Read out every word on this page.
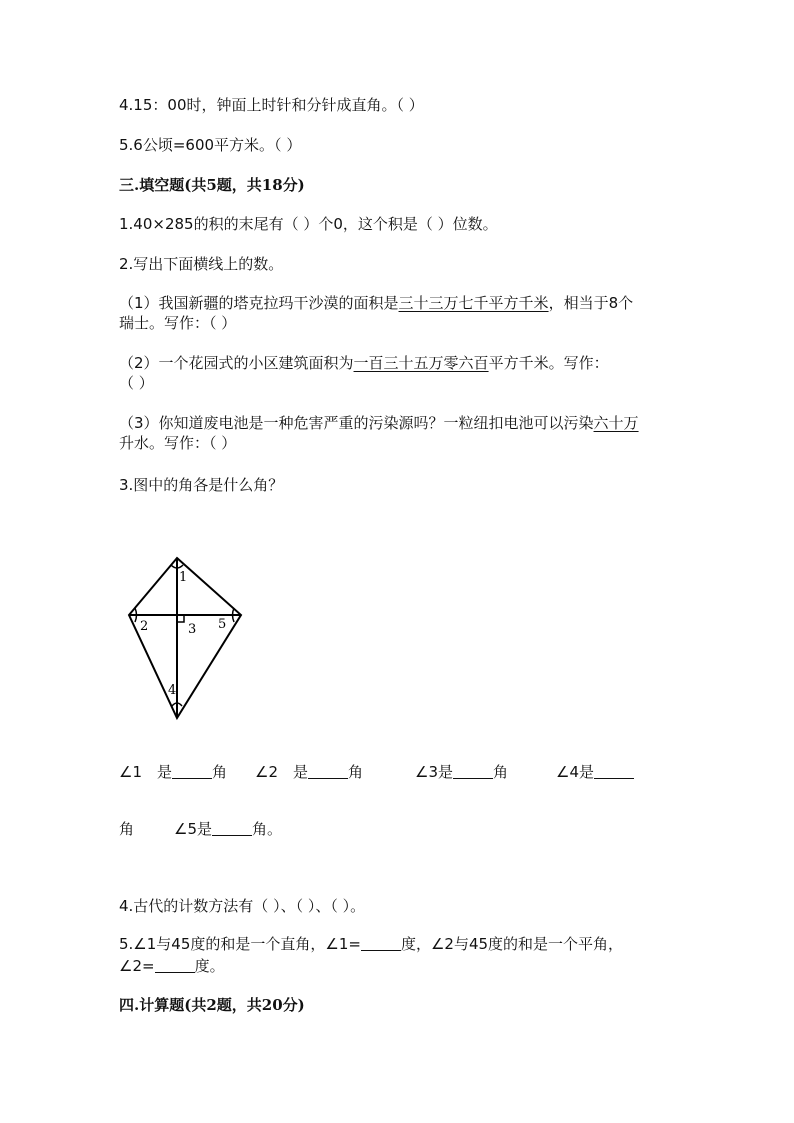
4.15：00时，钟面上时针和分针成直角。（ ）
5.6公顷=600平方米。（ ）
三.填空题(共5题，共18分)
1.40×285的积的末尾有（ ）个0，这个积是（ ）位数。
2.写出下面横线上的数。
（1）我国新疆的塔克拉玛干沙漠的面积是三十三万七千平方千米，相当于8个
瑞士。写作：（ ）
（2）一个花园式的小区建筑面积为一百三十五万零六百平方千米。写作：
（ ）
（3）你知道废电池是一种危害严重的污染源吗？一粒纽扣电池可以污染六十万
升水。写作：（ ）
3.图中的角各是什么角？
1
2	3
4
5
∠1　是	角 ∠2　是	角	∠3是	角	∠4是
角	∠5是	角。
4.古代的计数方法有（ ）、（ ）、（ ）。
5.∠1与45度的和是一个直角，∠1=	度，∠2与45度的和是一个平角，
∠2=	度。
四.计算题(共2题，共20分)
